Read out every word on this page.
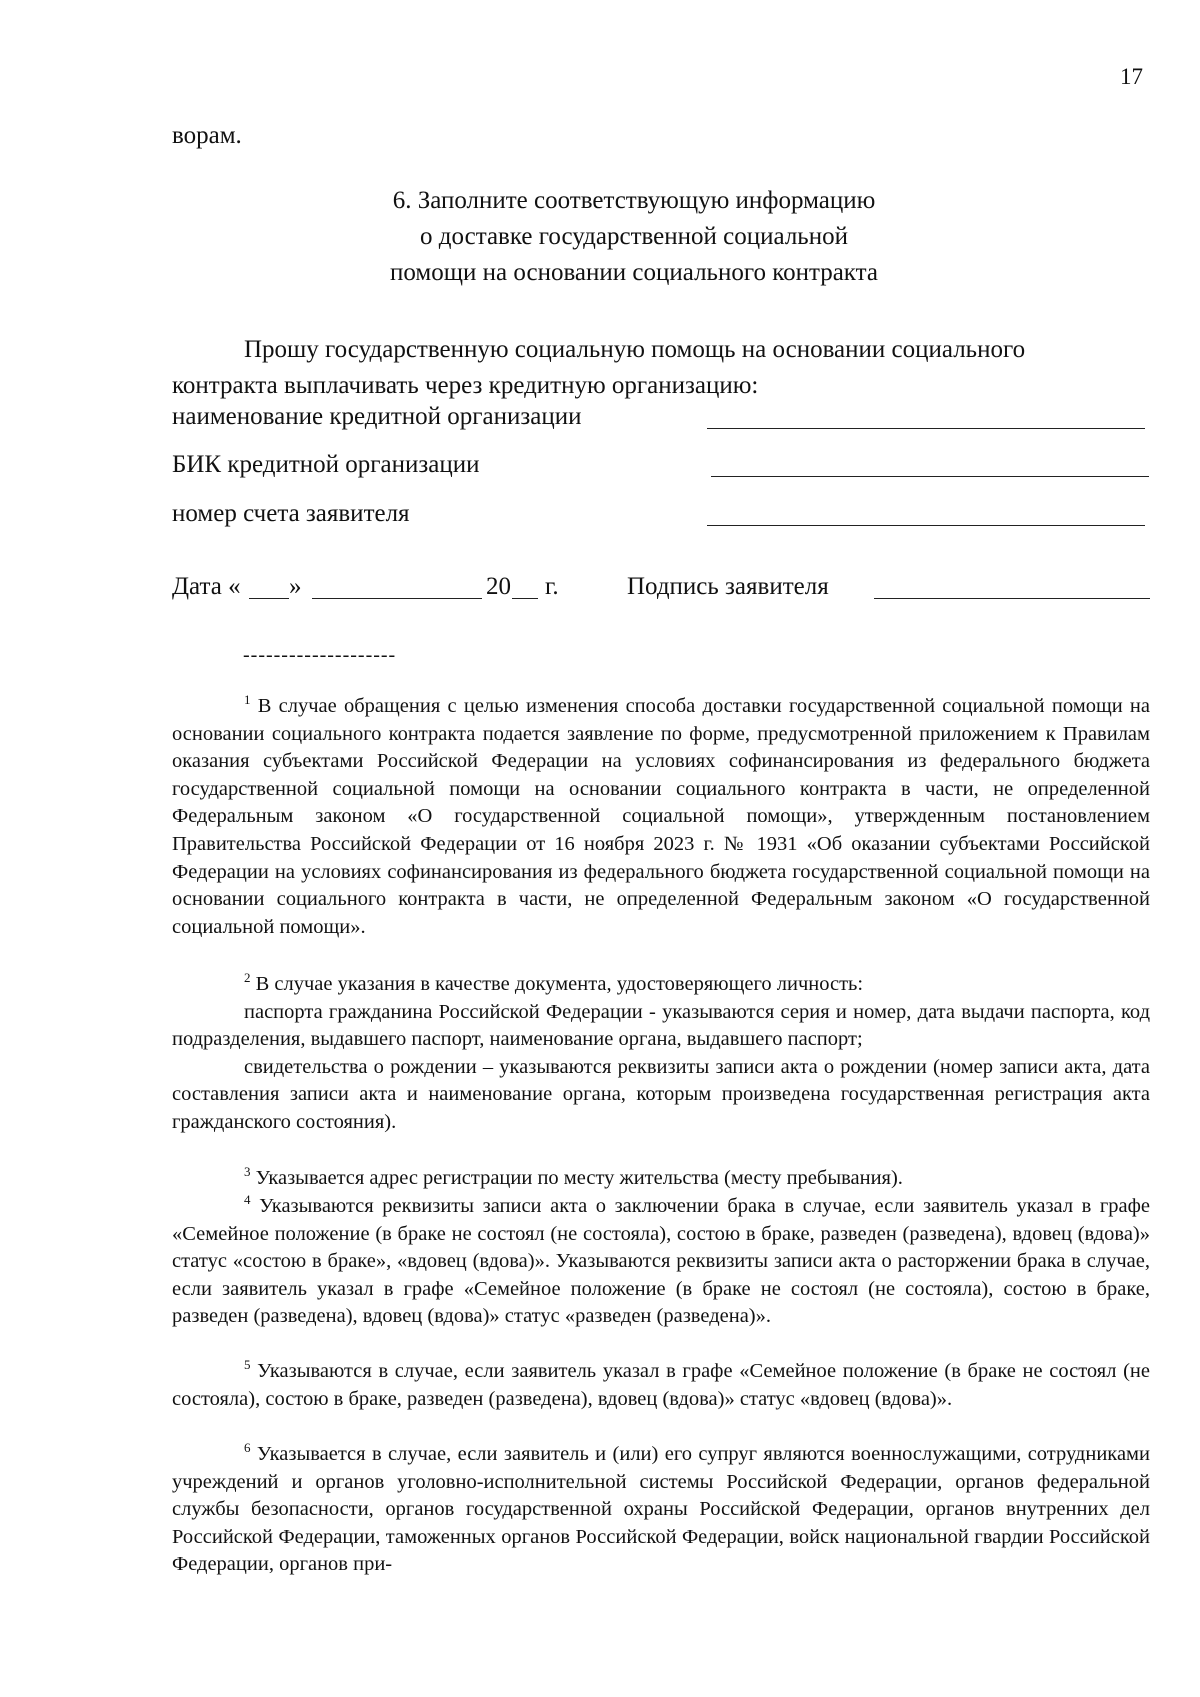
17
ворам.
6. Заполните соответствующую информацию
о доставке государственной социальной
помощи на основании социального контракта
Прошу государственную социальную помощь на основании социального
контракта выплачивать через кредитную организацию:
наименование кредитной организации
БИК кредитной организации
номер счета заявителя
Дата « »	20 г.	Подпись заявителя
--------------------

$^1$ В случае обращения с целью изменения способа доставки государственной социальной помощи на основании социального контракта подается заявление по форме, предусмотренной приложением к Правилам оказания субъектами Российской Федерации на условиях софинансирования из федерального бюджета государственной социальной помощи на основании социального контракта в части, не определенной Федеральным законом «О государственной социальной помощи», утвержденным постановлением Правительства Российской Федерации от 16 ноября 2023 г. № 1931 «Об оказании субъектами Российской Федерации на условиях софинансирования из федерального бюджета государственной социальной помощи на основании социального контракта в части, не определенной Федеральным законом «О государственной социальной помощи».

$^2$ В случае указания в качестве документа, удостоверяющего личность:

паспорта гражданина Российской Федерации - указываются серия и номер, дата выдачи паспорта, код подразделения, выдавшего паспорт, наименование органа, выдавшего паспорт;

свидетельства о рождении – указываются реквизиты записи акта о рождении (номер записи акта, дата составления записи акта и наименование органа, которым произведена государственная регистрация акта гражданского состояния).

$^3$ Указывается адрес регистрации по месту жительства (месту пребывания).

$^4$ Указываются реквизиты записи акта о заключении брака в случае, если заявитель указал в графе «Семейное положение (в браке не состоял (не состояла), состою в браке, разведен (разведена), вдовец (вдова)» статус «состою в браке», «вдовец (вдова)». Указываются реквизиты записи акта о расторжении брака в случае, если заявитель указал в графе «Семейное положение (в браке не состоял (не состояла), состою в браке, разведен (разведена), вдовец (вдова)» статус «разведен (разведена)».

$^5$ Указываются в случае, если заявитель указал в графе «Семейное положение (в браке не состоял (не состояла), состою в браке, разведен (разведена), вдовец (вдова)» статус «вдовец (вдова)».

$^6$ Указывается в случае, если заявитель и (или) его супруг являются военнослужащими, сотрудниками учреждений и органов уголовно-исполнительной системы Российской Федерации, органов федеральной службы безопасности, органов государственной охраны Российской Федерации, органов внутренних дел Российской Федерации, таможенных органов Российской Федерации, войск национальной гвардии Российской Федерации, органов при-
